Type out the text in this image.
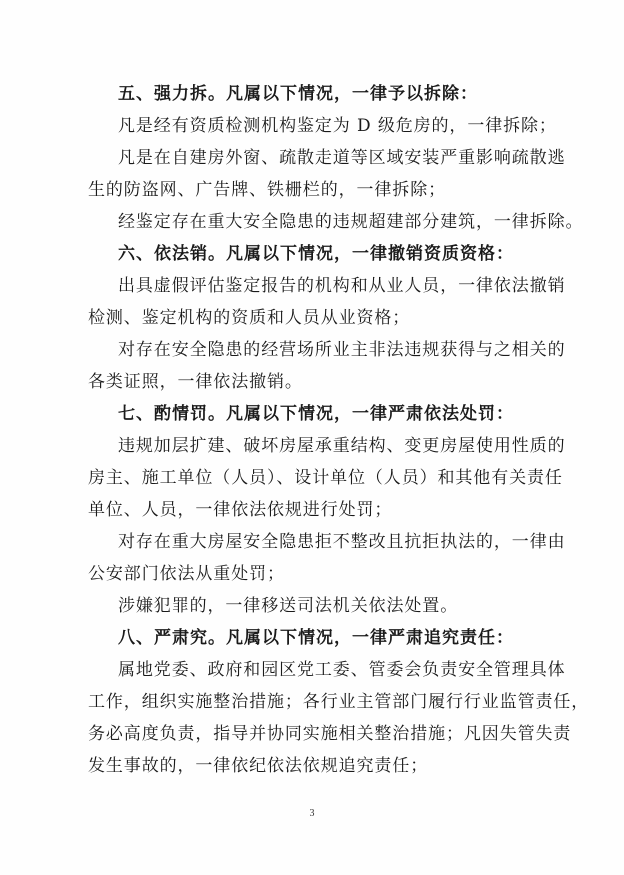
五、强力拆。凡属以下情况，一律予以拆除：
凡是经有资质检测机构鉴定为 D 级危房的，一律拆除；
凡是在自建房外窗、疏散走道等区域安装严重影响疏散逃
生的防盗网、广告牌、铁栅栏的，一律拆除；
经鉴定存在重大安全隐患的违规超建部分建筑，一律拆除。
六、依法销。凡属以下情况，一律撤销资质资格：
出具虚假评估鉴定报告的机构和从业人员，一律依法撤销
检测、鉴定机构的资质和人员从业资格；
对存在安全隐患的经营场所业主非法违规获得与之相关的
各类证照，一律依法撤销。
七、酌情罚。凡属以下情况，一律严肃依法处罚：
违规加层扩建、破坏房屋承重结构、变更房屋使用性质的
房主、施工单位（人员）、设计单位（人员）和其他有关责任
单位、人员，一律依法依规进行处罚；
对存在重大房屋安全隐患拒不整改且抗拒执法的，一律由
公安部门依法从重处罚；
涉嫌犯罪的，一律移送司法机关依法处置。
八、严肃究。凡属以下情况，一律严肃追究责任：
属地党委、政府和园区党工委、管委会负责安全管理具体
工作，组织实施整治措施；各行业主管部门履行行业监管责任，
务必高度负责，指导并协同实施相关整治措施；凡因失管失责
发生事故的，一律依纪依法依规追究责任；
3
